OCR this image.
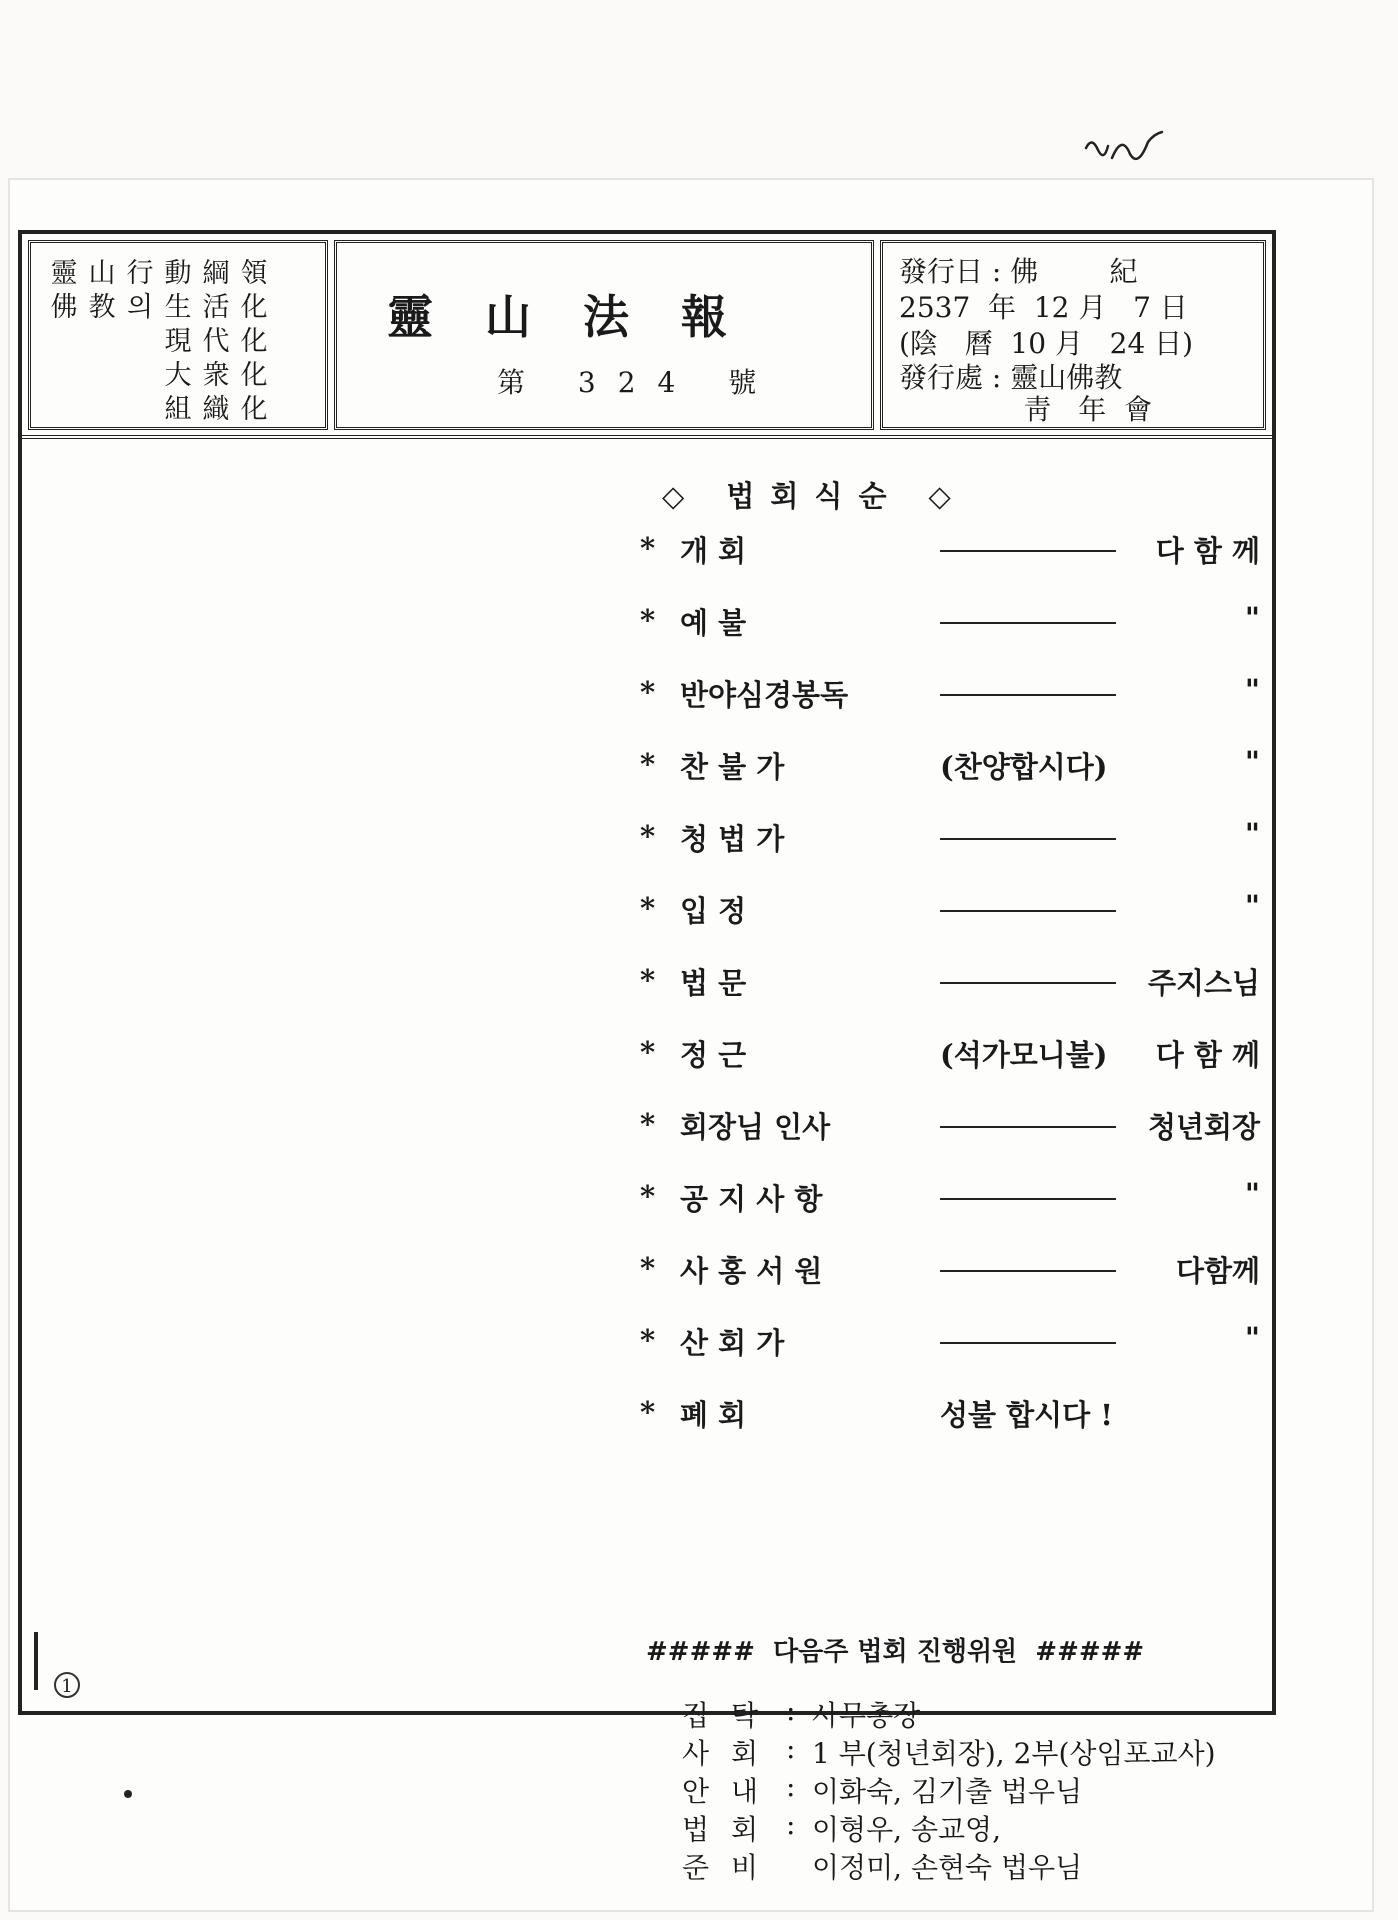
靈 山 行 動 綱 領
佛 教 의 生 活 化
現 代 化
大 衆 化
組 織 化
靈山法報
第 324 號
發行日 : 佛        紀
2537  年  12 月   7 日
(陰   曆  10 月   24 日)
發行處 : 靈山佛教
靑   年  會
◇ 법회식순 ◇
* 개 회	다 함 께
* 예 불	"
* 반야심경봉독	"
* 찬 불 가	(찬양합시다)	"
* 청 법 가	"
* 입 정	"
* 법 문	주지스님
* 정 근	(석가모니불) 다 함 께
* 회장님 인사	청년회장
* 공 지 사 항	"
* 사 홍 서 원	다함께
* 산 회 가	"
* 폐 회	성불 합시다 !
#####  다음주 법회 진행위원  #####
집탁 : 사무총장
사회 : 1 부(청년회장), 2부(상임포교사)
안내 : 이화숙, 김기출 법우님
법회 : 이형우, 송교영,
준비 이정미, 손현숙 법우님
1
